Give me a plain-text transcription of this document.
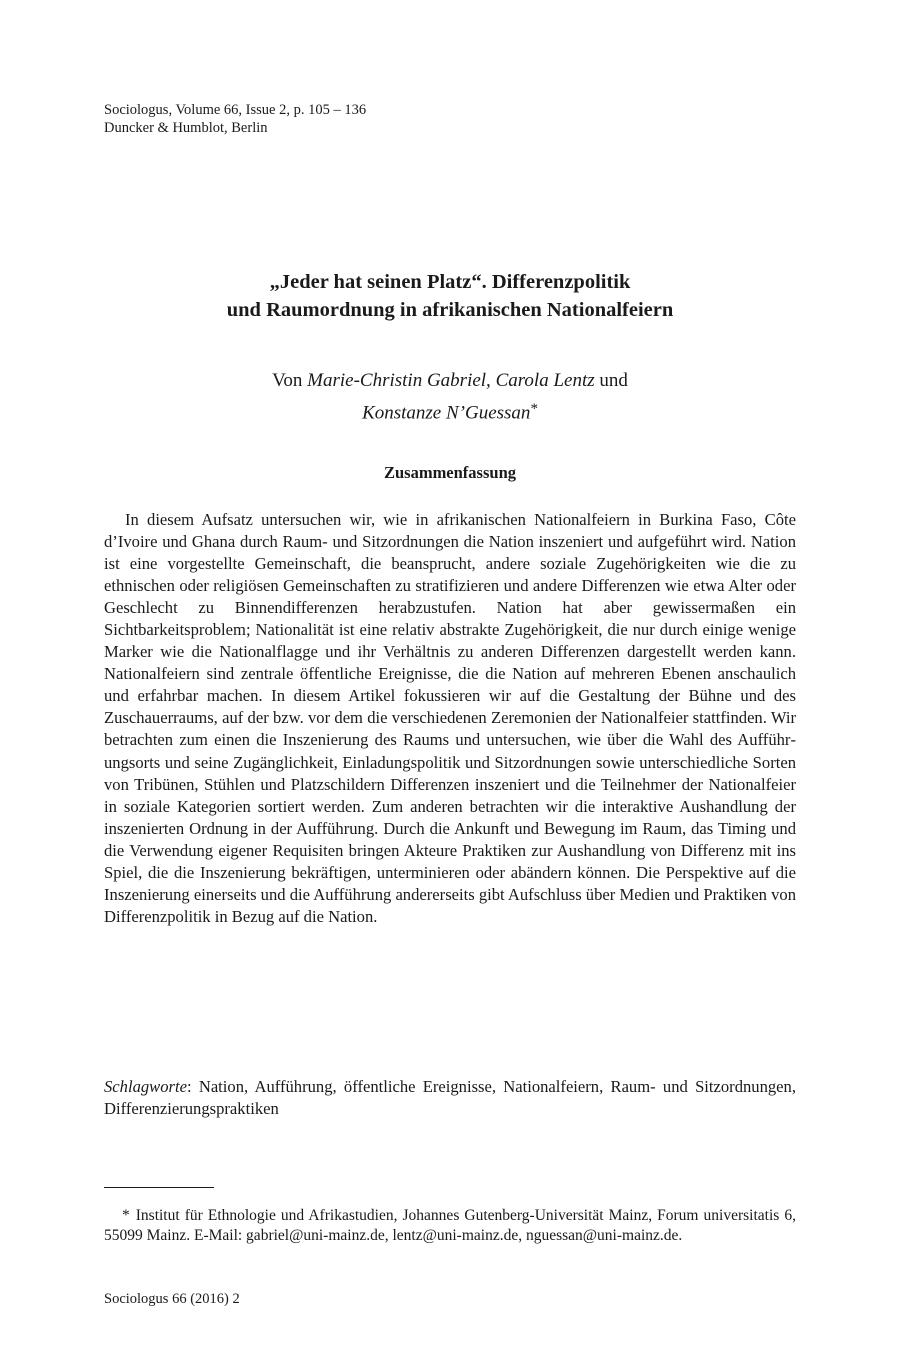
Sociologus, Volume 66, Issue 2, p. 105 – 136
Duncker & Humblot, Berlin
„Jeder hat seinen Platz“. Differenzpolitik
und Raumordnung in afrikanischen Nationalfeiern
Von Marie-Christin Gabriel, Carola Lentz und
Konstanze N’Guessan*
Zusammenfassung

In diesem Aufsatz untersuchen wir, wie in afrikanischen Nationalfeiern in Burkina Faso, Côte d’Ivoire und Ghana durch Raum- und Sitzordnungen die Nation inszeniert und aufgeführt wird. Nation ist eine vorgestellte Gemeinschaft, die beansprucht, andere soziale Zugehörigkeiten wie die zu ethnischen oder religiösen Gemeinschaften zu stratifizieren und andere Differenzen wie etwa Alter oder Geschlecht zu Binnendifferenzen herabzustufen. Nation hat aber gewissermaßen ein Sichtbarkeitsproblem; Nationalität ist eine relativ abstrakte Zugehörigkeit, die nur durch einige wenige Marker wie die Nationalflagge und ihr Verhältnis zu anderen Differenzen dargestellt werden kann. Nationalfeiern sind zentrale öffentliche Ereignisse, die die Nation auf mehreren Ebenen anschaulich und erfahrbar machen. In diesem Artikel fokussieren wir auf die Gestaltung der Bühne und des Zuschauerraums, auf der bzw. vor dem die verschiedenen Zeremonien der Nationalfeier stattfinden. Wir betrachten zum einen die Inszenierung des Raums und untersuchen, wie über die Wahl des Aufführungsorts und seine Zugänglichkeit, Einladungspolitik und Sitzordnungen sowie unterschiedliche Sorten von Tribünen, Stühlen und Platzschildern Differenzen inszeniert und die Teilnehmer der Nationalfeier in soziale Kategorien sortiert werden. Zum anderen betrachten wir die interaktive Aushandlung der inszenierten Ordnung in der Aufführung. Durch die Ankunft und Bewegung im Raum, das Timing und die Verwendung eigener Requisiten bringen Akteure Praktiken zur Aushandlung von Differenz mit ins Spiel, die die Inszenierung bekräftigen, unterminieren oder abändern können. Die Perspektive auf die Inszenierung einerseits und die Aufführung andererseits gibt Aufschluss über Medien und Praktiken von Differenzpolitik in Bezug auf die Nation.

Schlagworte: Nation, Aufführung, öffentliche Ereignisse, Nationalfeiern, Raum- und Sitzordnungen, Differenzierungspraktiken

* Institut für Ethnologie und Afrikastudien, Johannes Gutenberg-Universität Mainz, Forum universitatis 6, 55099 Mainz. E-Mail: gabriel@uni-mainz.de, lentz@uni-mainz.de, nguessan@uni-mainz.de.

Sociologus 66 (2016) 2
